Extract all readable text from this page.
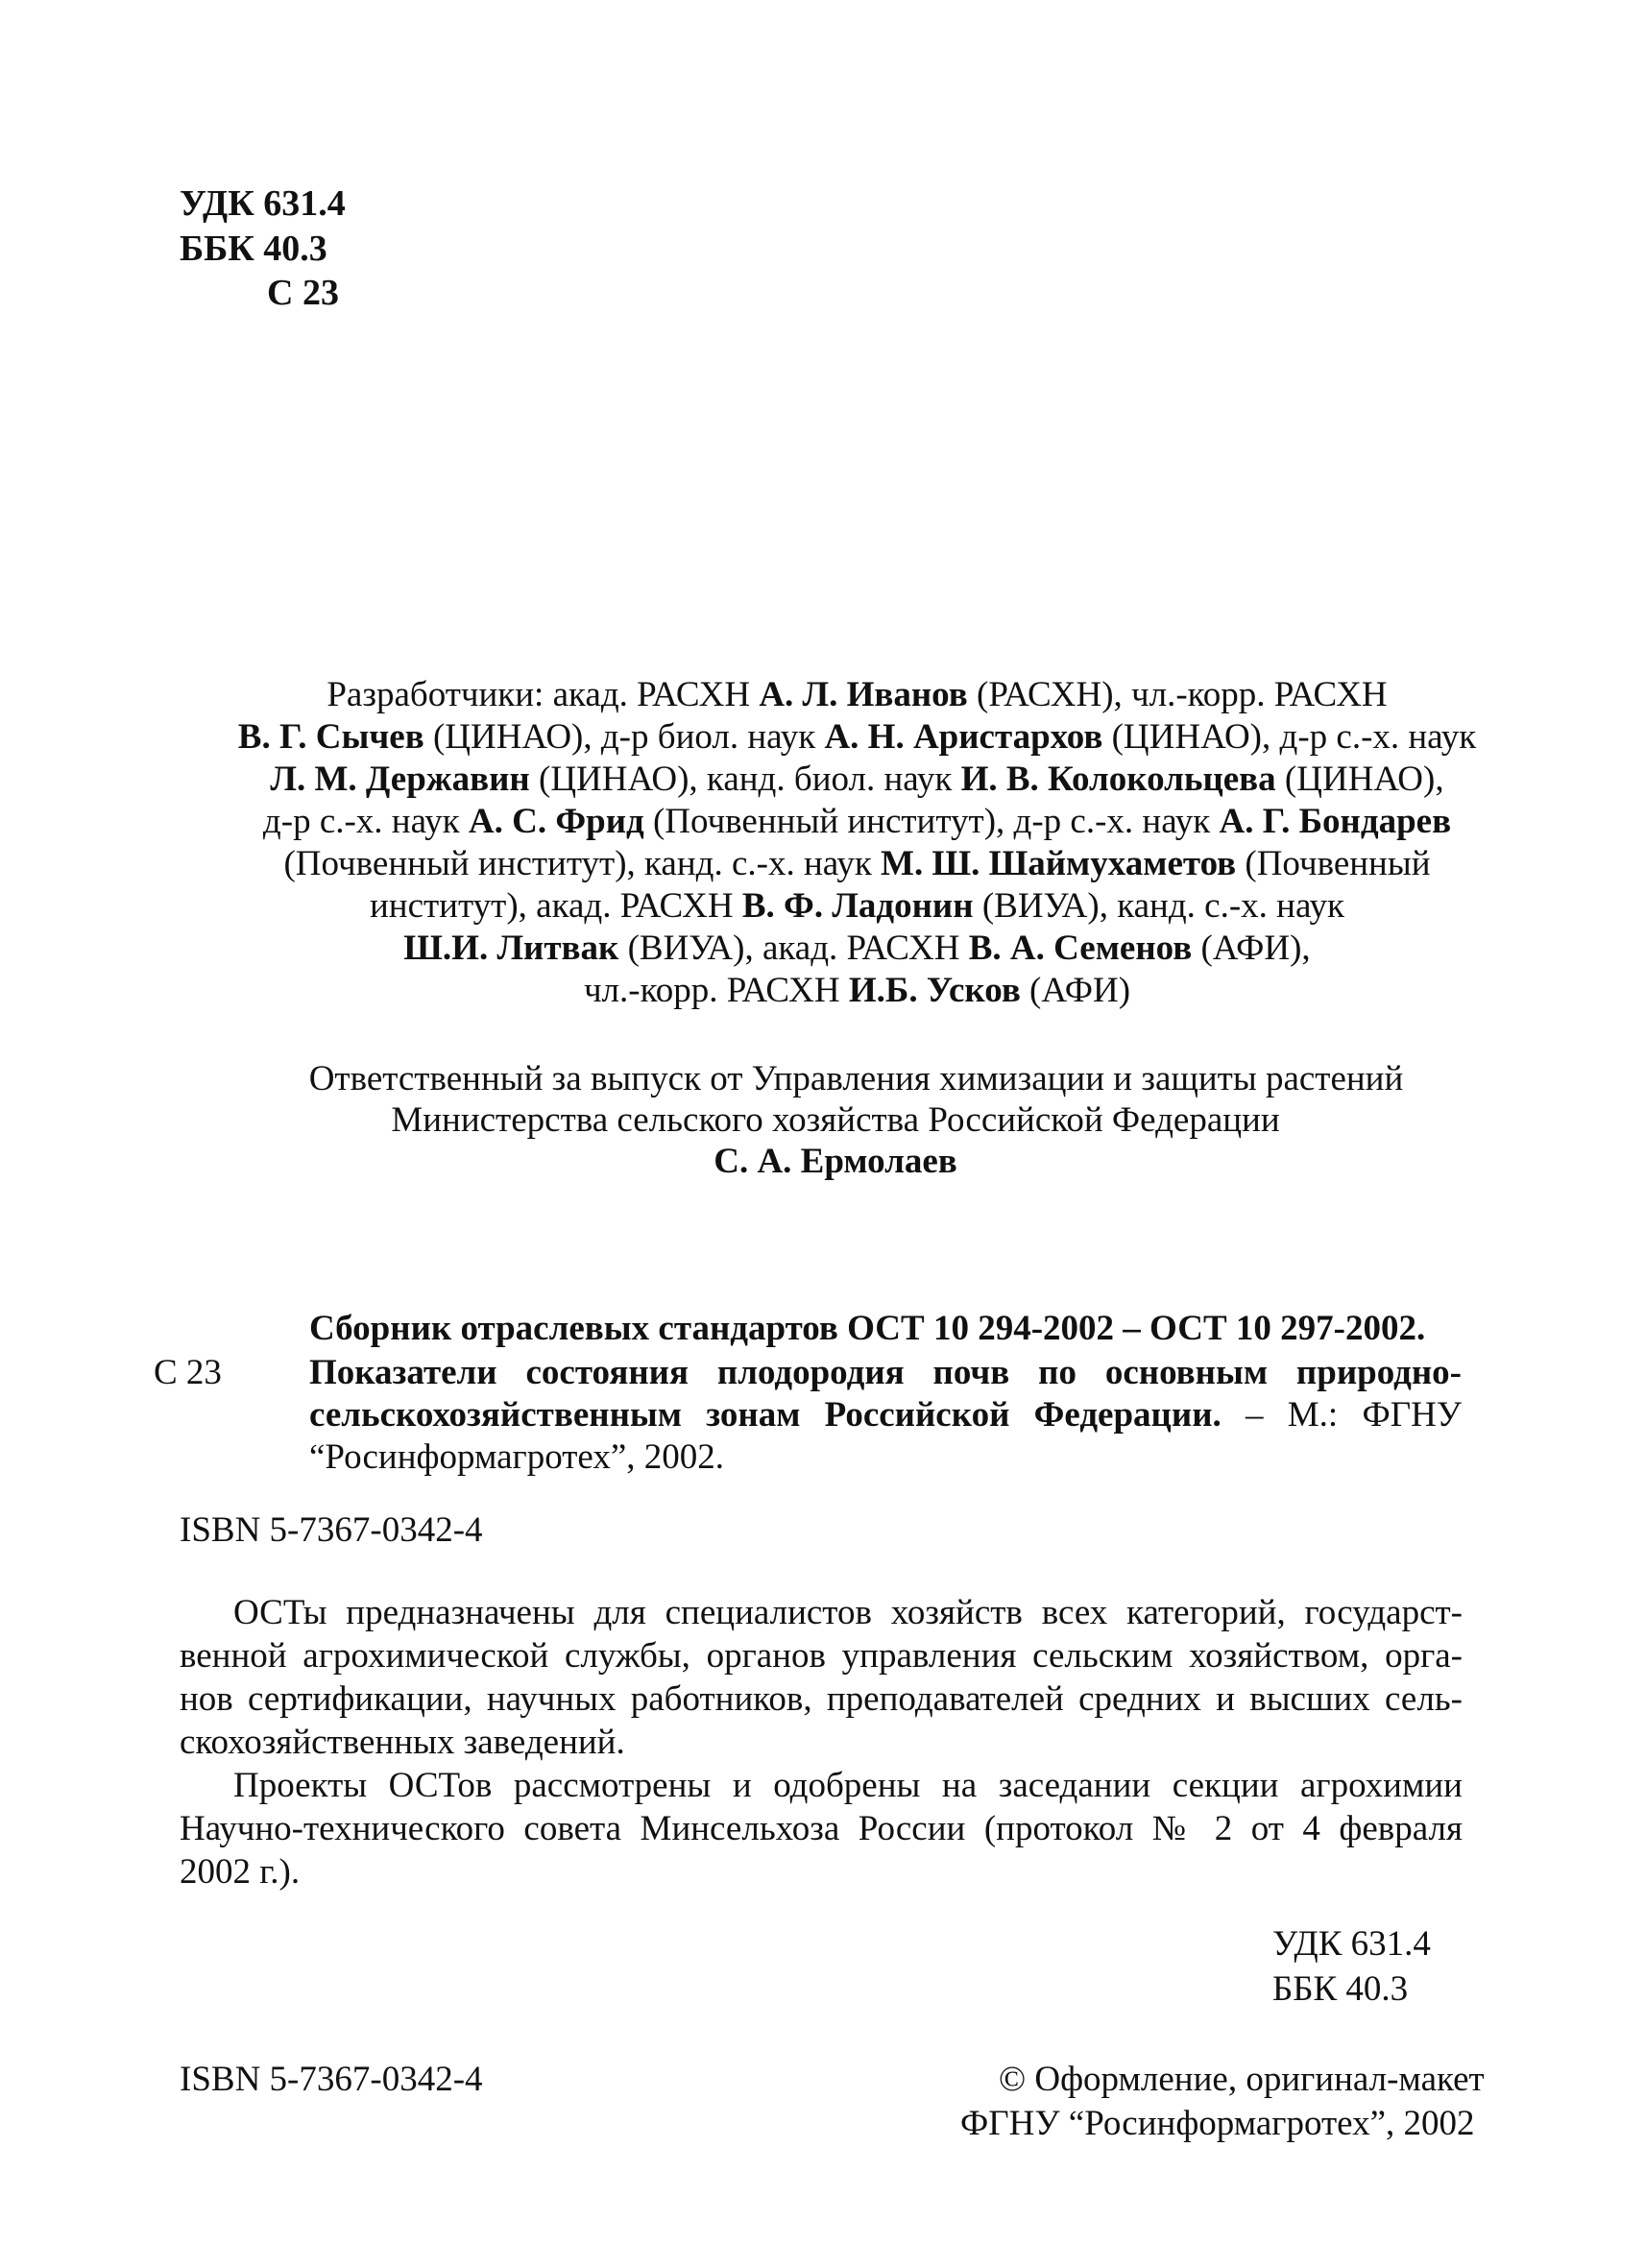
УДК 631.4
ББК 40.3
С 23
Разработчики: акад. РАСХН А. Л. Иванов (РАСХН), чл.-корр. РАСХН
В. Г. Сычев (ЦИНАО), д-р биол. наук А. Н. Аристархов (ЦИНАО), д-р с.-х. наук
Л. М. Державин (ЦИНАО), канд. биол. наук И. В. Колокольцева (ЦИНАО),
д-р с.-х. наук А. С. Фрид (Почвенный институт), д-р с.-х. наук А. Г. Бондарев
(Почвенный институт), канд. с.-х. наук М. Ш. Шаймухаметов (Почвенный
институт), акад. РАСХН В. Ф. Ладонин (ВИУА), канд. с.-х. наук
Ш.И. Литвак (ВИУА), акад. РАСХН В. А. Семенов (АФИ),
чл.-корр. РАСХН И.Б. Усков (АФИ)
Ответственный за выпуск от Управления химизации и защиты растений
Министерства сельского хозяйства Российской Федерации
С. А. Ермолаев
С 23
Сборник отраслевых стандартов ОСТ 10 294-2002 – ОСТ 10 297-2002.
Показатели состояния плодородия почв по основным природно-
сельскохозяйственным зонам Российской Федерации. – М.: ФГНУ
“Росинформагротех”, 2002.
ISBN 5-7367-0342-4
ОСТы предназначены для специалистов хозяйств всех категорий, государст-
венной агрохимической службы, органов управления сельским хозяйством, орга-
нов сертификации, научных работников, преподавателей средних и высших сель-
скохозяйственных заведений.
Проекты ОСТов рассмотрены и одобрены на заседании секции агрохимии
Научно-технического совета Минсельхоза России (протокол № 2 от 4 февраля
2002 г.).
УДК 631.4
ББК 40.3
ISBN 5-7367-0342-4	© Оформление, оригинал-макет
ФГНУ “Росинформагротех”, 2002
